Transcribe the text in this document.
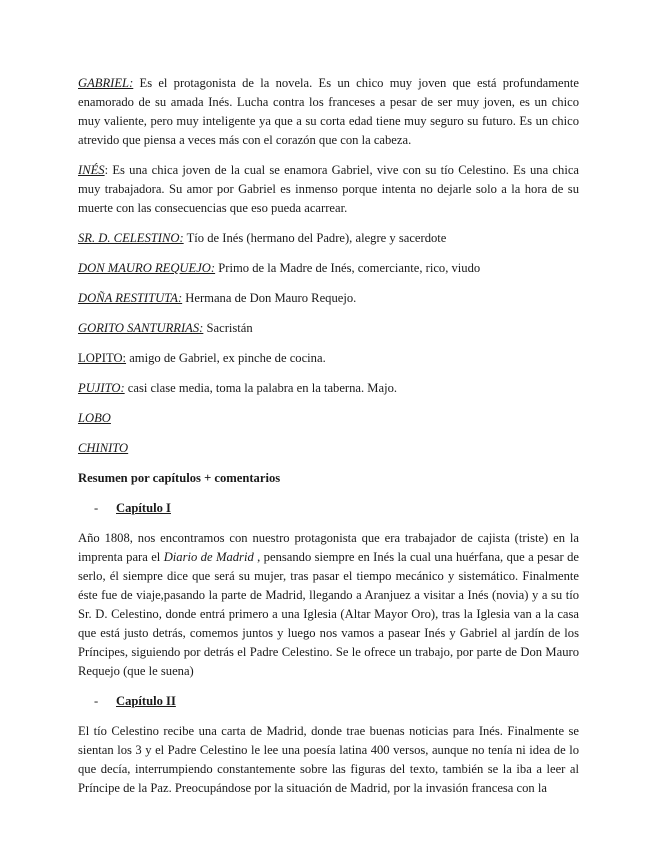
GABRIEL: Es el protagonista de la novela. Es un chico muy joven que está profundamente enamorado de su amada Inés. Lucha contra los franceses a pesar de ser muy joven, es un chico muy valiente, pero muy inteligente ya que a su corta edad tiene muy seguro su futuro. Es un chico atrevido que piensa a veces más con el corazón que con la cabeza.

INÉS: Es una chica joven de la cual se enamora Gabriel, vive con su tío Celestino. Es una chica muy trabajadora. Su amor por Gabriel es inmenso porque intenta no dejarle solo a la hora de su muerte con las consecuencias que eso pueda acarrear.

SR. D. CELESTINO: Tío de Inés (hermano del Padre), alegre y sacerdote

DON MAURO REQUEJO: Primo de la Madre de Inés, comerciante, rico, viudo

DOÑA RESTITUTA: Hermana de Don Mauro Requejo.

GORITO SANTURRIAS: Sacristán

LOPITO: amigo de Gabriel, ex pinche de cocina.

PUJITO: casi clase media, toma la palabra en la taberna. Majo.

LOBO

CHINITO

Resumen por capítulos + comentarios

-	Capítulo I

Año 1808, nos encontramos con nuestro protagonista que era trabajador de cajista (triste) en la imprenta para el Diario de Madrid , pensando siempre en Inés la cual una huérfana, que a pesar de serlo, él siempre dice que será su mujer, tras pasar el tiempo mecánico y sistemático. Finalmente éste fue de viaje,pasando la parte de Madrid, llegando a Aranjuez a visitar a Inés (novia) y a su tío Sr. D. Celestino, donde entrá primero a una Iglesia (Altar Mayor Oro), tras la Iglesia van a la casa que está justo detrás, comemos juntos y luego nos vamos a pasear Inés y Gabriel al jardín de los Príncipes, siguiendo por detrás el Padre Celestino. Se le ofrece un trabajo, por parte de Don Mauro Requejo (que le suena)

-	Capítulo II

El tío Celestino recibe una carta de Madrid, donde trae buenas noticias para Inés. Finalmente se sientan los 3 y el Padre Celestino le lee una poesía latina 400 versos, aunque no tenía ni idea de lo que decía, interrumpiendo constantemente sobre las figuras del texto, también se la iba a leer al Príncipe de la Paz. Preocupándose por la situación de Madrid, por la invasión francesa con la
